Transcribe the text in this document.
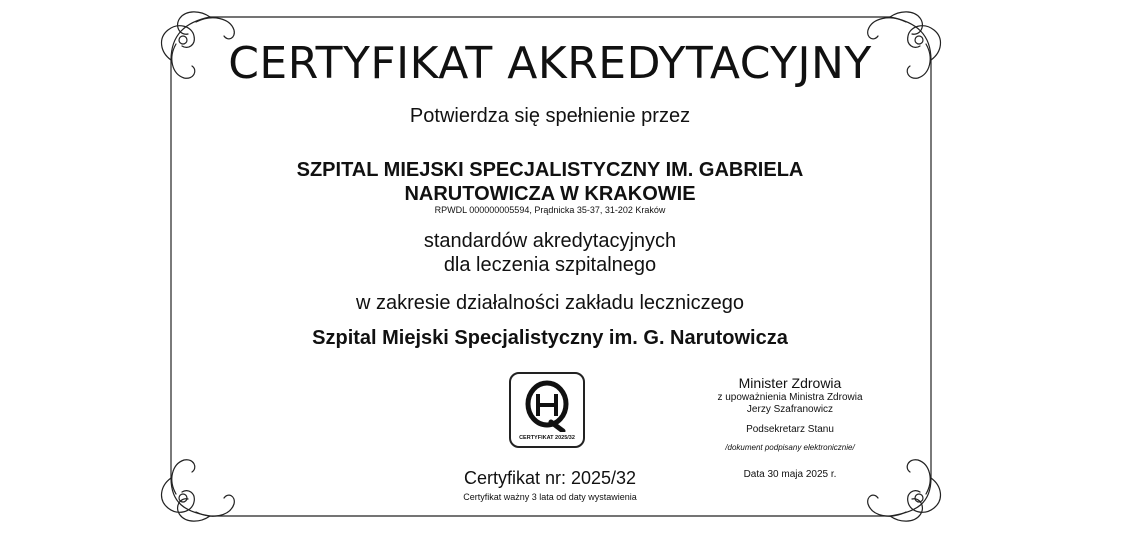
CERTYFIKAT AKREDYTACYJNY
Potwierdza się spełnienie przez
SZPITAL MIEJSKI SPECJALISTYCZNY IM. GABRIELA
NARUTOWICZA W KRAKOWIE
RPWDL 000000005594, Prądnicka 35-37, 31-202 Kraków
standardów akredytacyjnych
dla leczenia szpitalnego
w zakresie działalności zakładu leczniczego
Szpital Miejski Specjalistyczny im. G. Narutowicza
CERTYFIKAT 2025/32
Certyfikat nr: 2025/32
Certyfikat ważny 3 lata od daty wystawienia
Minister Zdrowia
z upoważnienia Ministra Zdrowia
Jerzy Szafranowicz
Podsekretarz Stanu
/dokument podpisany elektronicznie/
Data 30 maja 2025 r.
